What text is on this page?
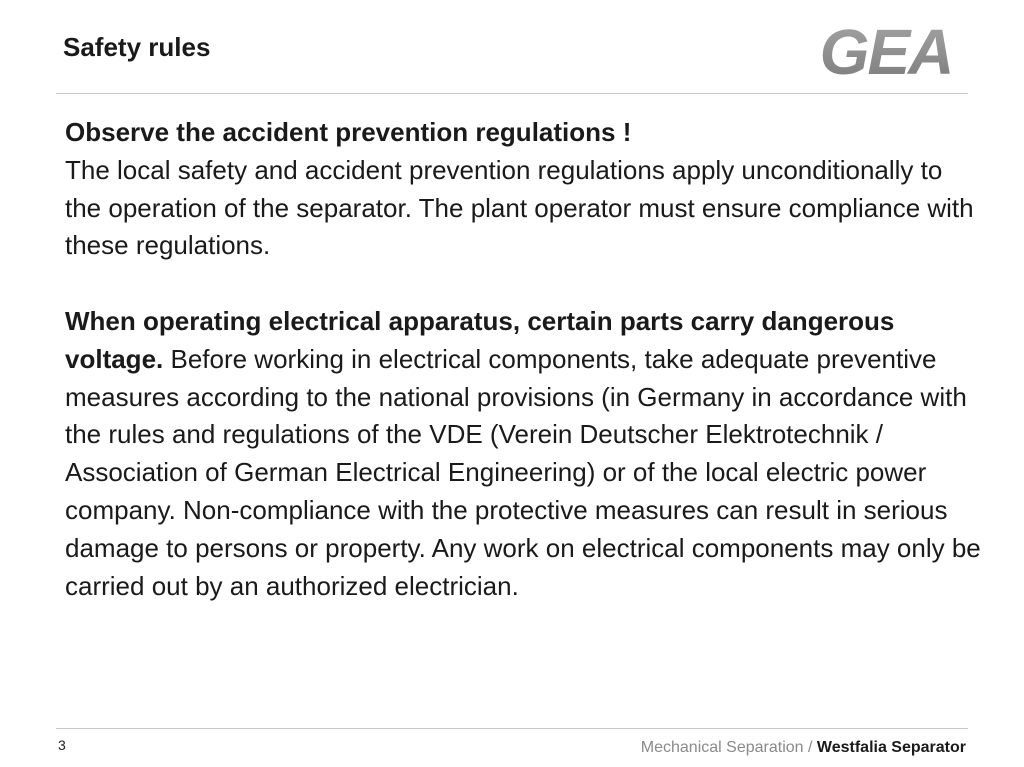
Safety rules	GEA

Observe the accident prevention regulations !
The local safety and accident prevention regulations apply unconditionally to the operation of the separator. The plant operator must ensure compliance with these regulations.

When operating electrical apparatus, certain parts carry dangerous voltage. Before working in electrical components, take adequate preventive measures according to the national provisions (in Germany in accordance with the rules and regulations of the VDE (Verein Deutscher Elektrotechnik / Association of German Electrical Engineering) or of the local electric power company. Non-compliance with the protective measures can result in serious damage to persons or property. Any work on electrical components may only be carried out by an authorized electrician.

3	Mechanical Separation / Westfalia Separator
